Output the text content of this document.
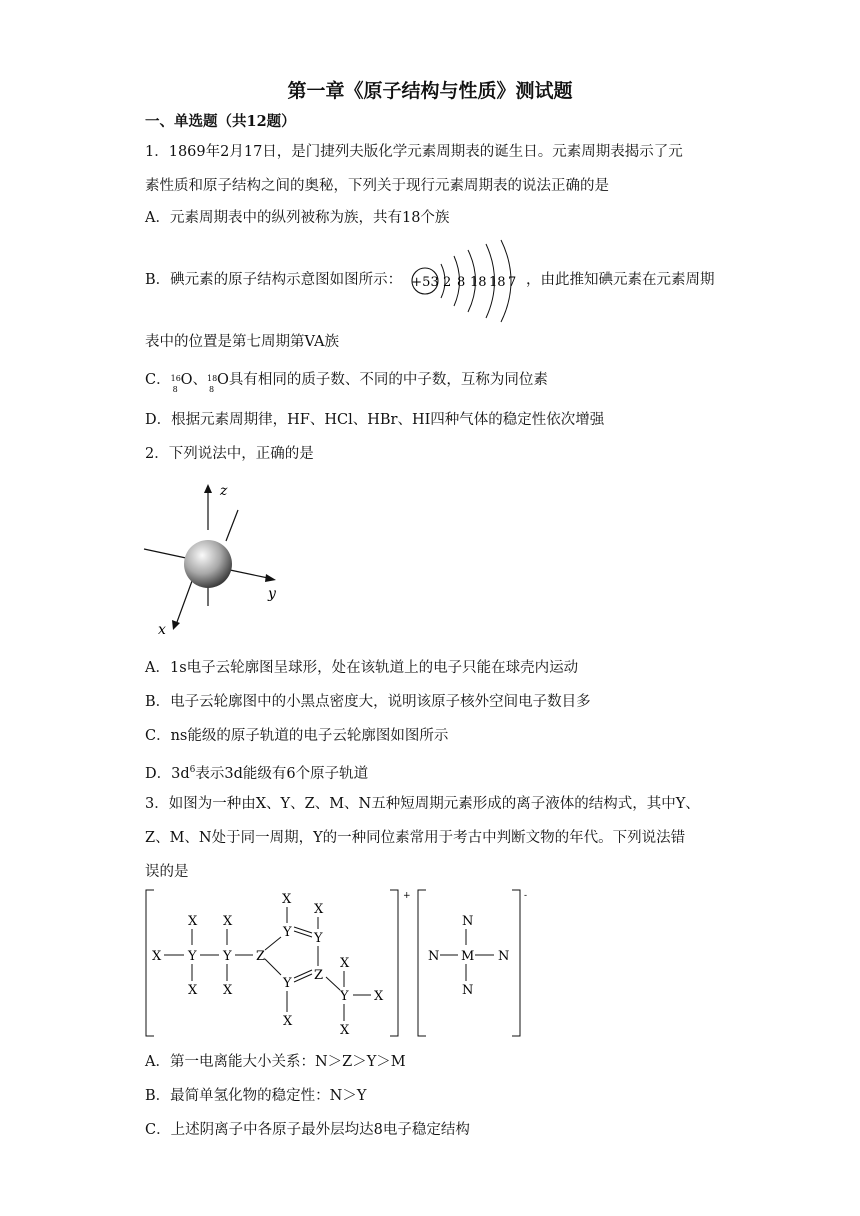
第一章《原子结构与性质》测试题
一、单选题（共12题）
1．1869年2月17日，是门捷列夫版化学元素周期表的诞生日。元素周期表揭示了元
素性质和原子结构之间的奥秘，下列关于现行元素周期表的说法正确的是
A．元素周期表中的纵列被称为族，共有18个族
B．碘元素的原子结构示意图如图所示： +53 2 8 18 18 7 ，由此推知碘元素在元素周期
表中的位置是第七周期第VA族
C． 16
8
O、 18
8
O具有相同的质子数、不同的中子数，互称为同位素
D．根据元素周期律，HF、HCl、HBr、HI四种气体的稳定性依次增强
2．下列说法中，正确的是
z
y
x
A．1s电子云轮廓图呈球形，处在该轨道上的电子只能在球壳内运动
B．电子云轮廓图中的小黑点密度大，说明该原子核外空间电子数目多
C．ns能级的原子轨道的电子云轮廓图如图所示
D．$3d^6$表示3d能级有6个原子轨道
3．如图为一种由X、Y、Z、M、N五种短周期元素形成的离子液体的结构式，其中Y、
Z、M、N处于同一周期，Y的一种同位素常用于考古中判断文物的年代。下列说法错
误的是
+	-
X
X
Y
X
X
Y
X
Z
X
Y
X
Y
Z
Y
X
X
Y
X
X
N
N
M
N
N
A．第一电离能大小关系：N＞Z＞Y＞M
B．最简单氢化物的稳定性：N＞Y
C．上述阴离子中各原子最外层均达8电子稳定结构
